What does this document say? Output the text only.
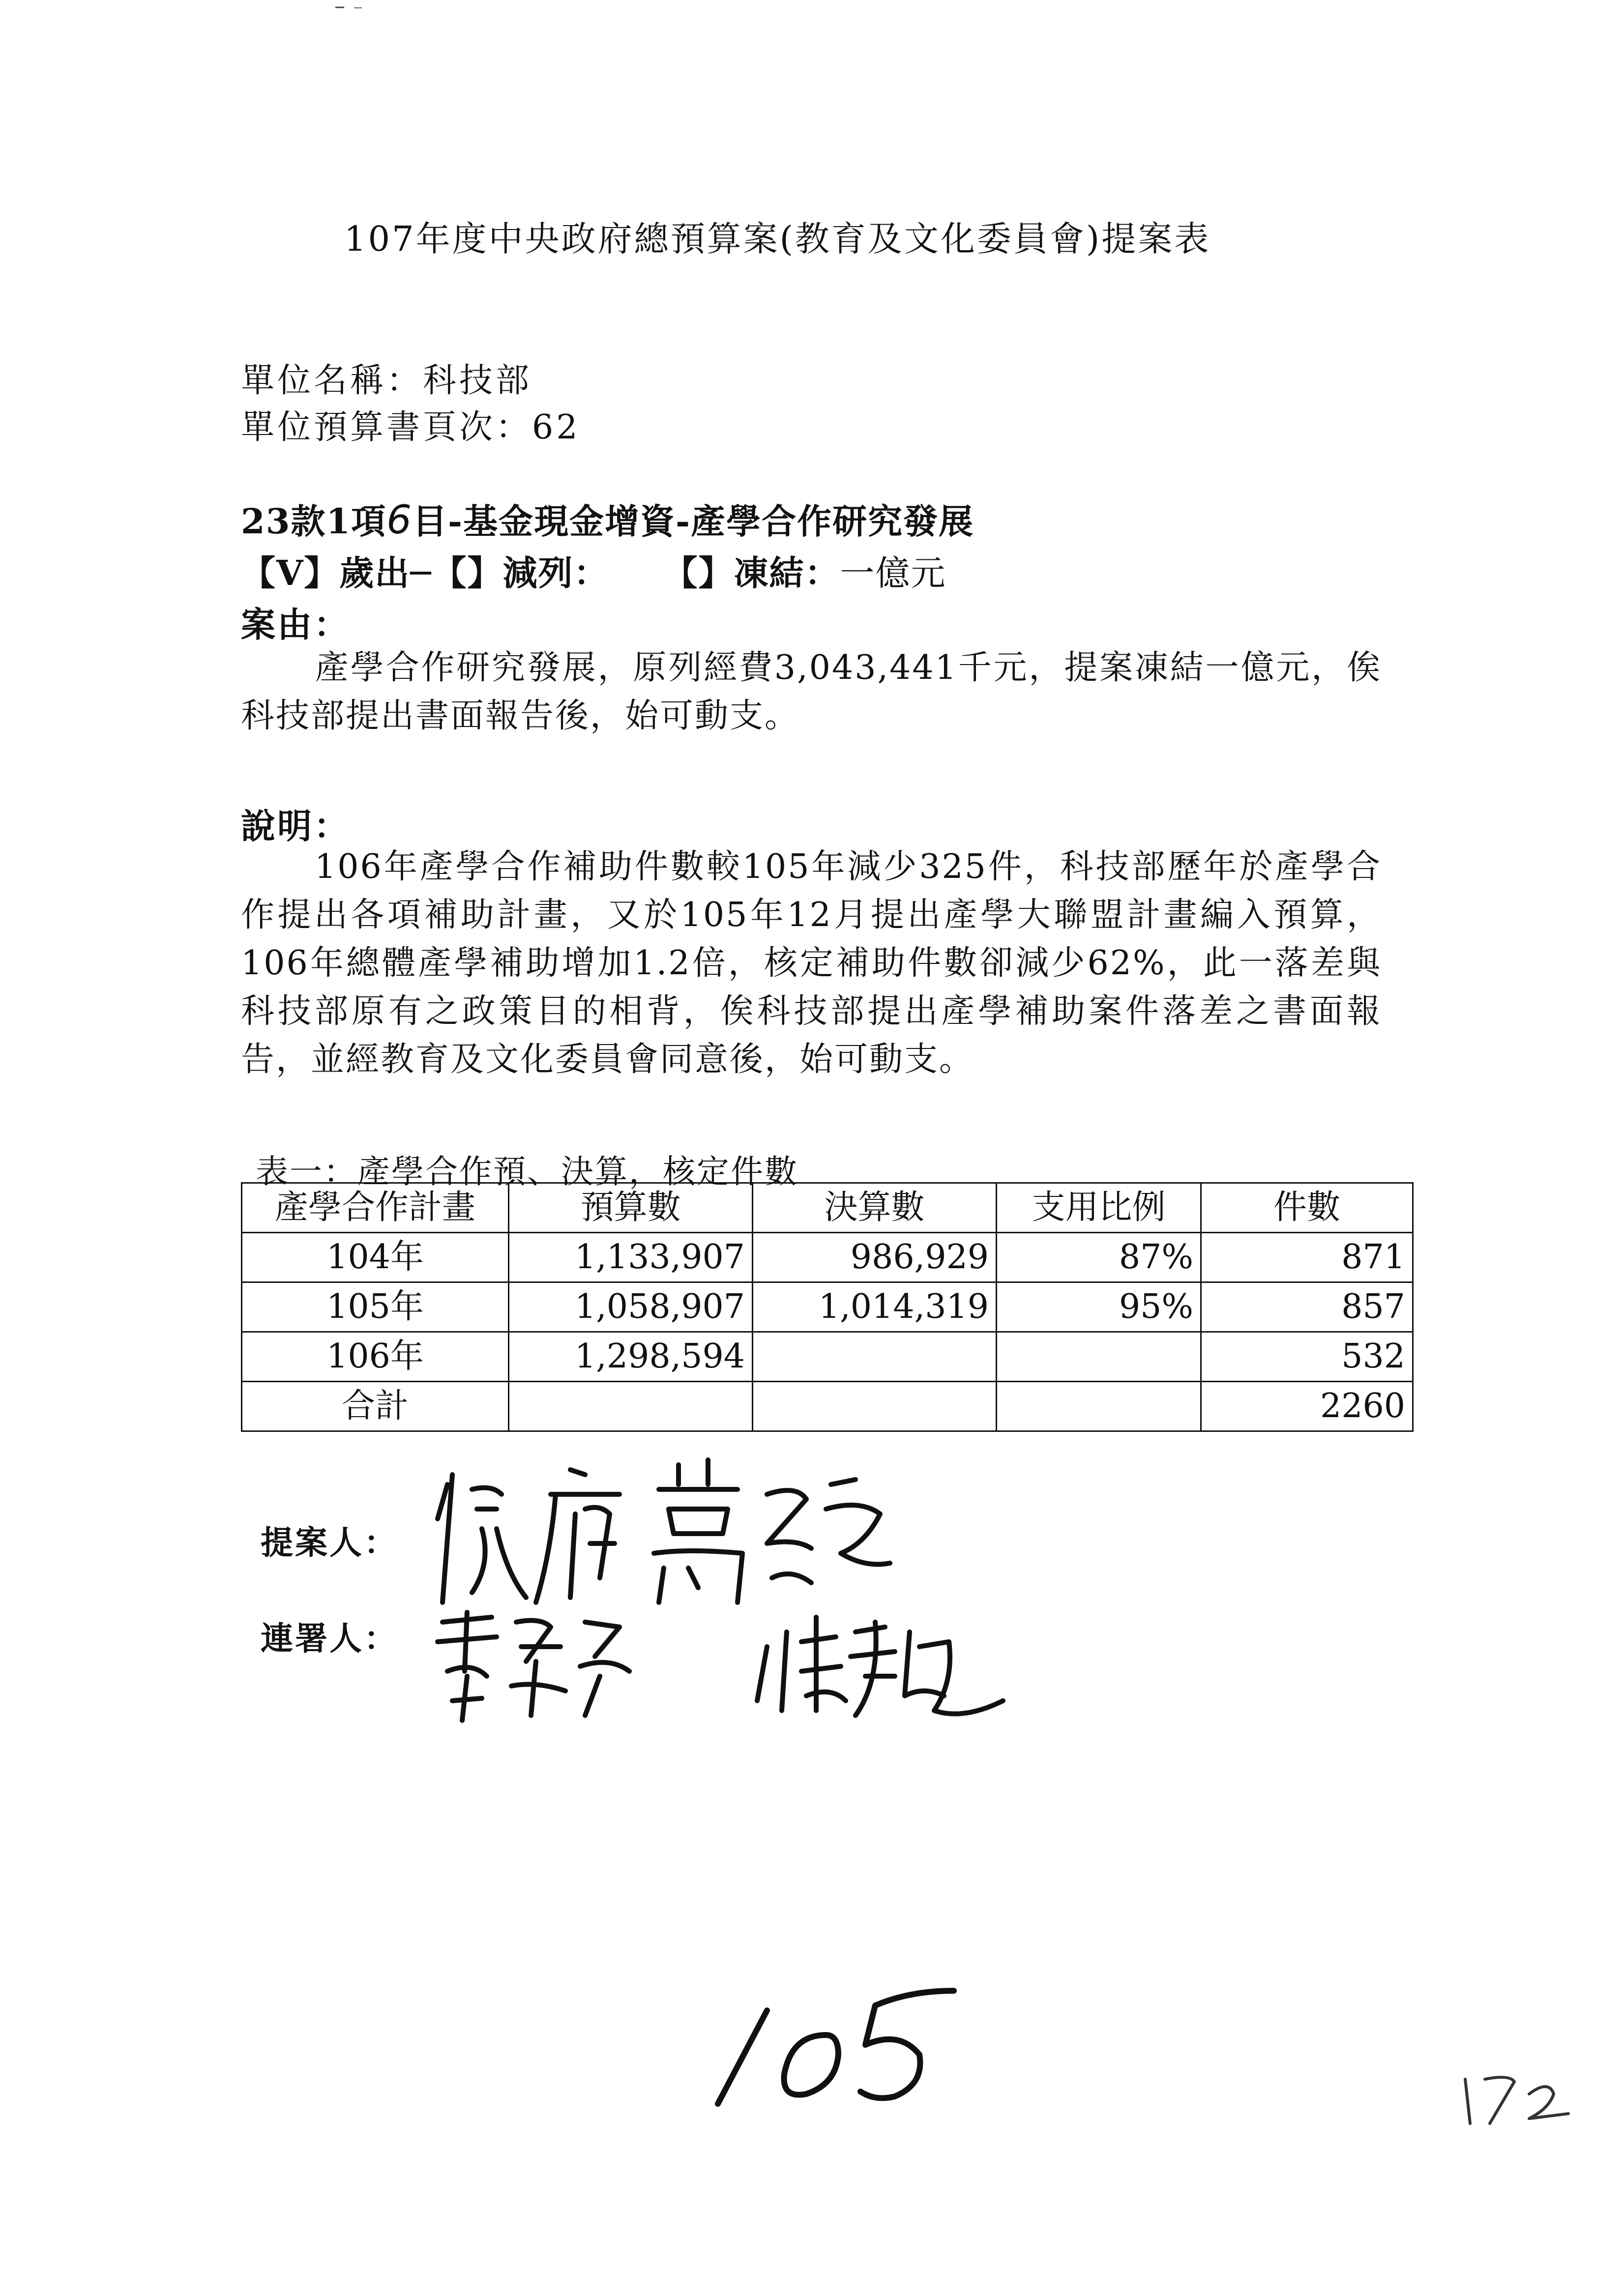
107年度中央政府總預算案(教育及文化委員會)提案表
單位名稱：科技部
單位預算書頁次：62
23款1項6目-基金現金增資-產學合作研究發展
【V】歲出─【】減列： 【】凍結：一億元
案由：
產學合作研究發展，原列經費3,043,441千元，提案凍結一億元，俟科技部提出書面報告後，始可動支。
說明：
106年產學合作補助件數較105年減少325件，科技部歷年於產學合作提出各項補助計畫，又於105年12月提出產學大聯盟計畫編入預算，106年總體產學補助增加1.2倍，核定補助件數卻減少62%，此一落差與科技部原有之政策目的相背，俟科技部提出產學補助案件落差之書面報告，並經教育及文化委員會同意後，始可動支。
表一：產學合作預、決算，核定件數
產學合作計畫	預算數	決算數	支用比例	件數
104年	1,133,907	986,929	87%	871
105年	1,058,907	1,014,319	95%	857
106年	1,298,594			532
合計				2260
提案人：
連署人：
